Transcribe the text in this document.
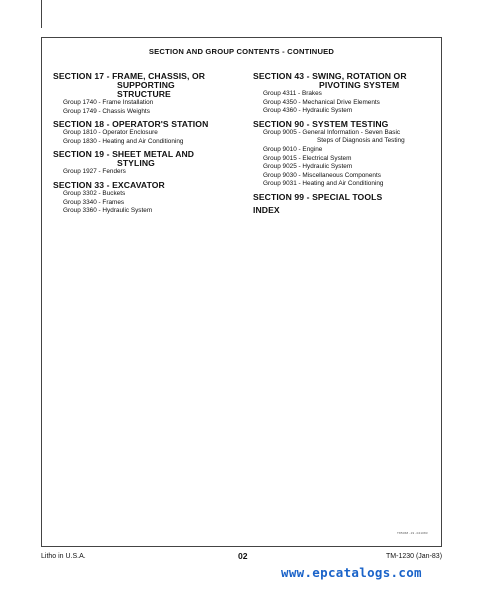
SECTION AND GROUP CONTENTS - CONTINUED
SECTION 17 - FRAME, CHASSIS, OR
SUPPORTING
STRUCTURE
Group 1740 - Frame Installation
Group 1749 - Chassis Weights
SECTION 18 - OPERATOR'S STATION
Group 1810 - Operator Enclosure
Group 1830 - Heating and Air Conditioning
SECTION 19 - SHEET METAL AND
STYLING
Group 1927 - Fenders
SECTION 33 - EXCAVATOR
Group 3302 - Buckets
Group 3340 - Frames
Group 3360 - Hydraulic System
SECTION 43 - SWING, ROTATION OR
PIVOTING SYSTEM
Group 4311 - Brakes
Group 4350 - Mechanical Drive Elements
Group 4360 - Hydraulic System
SECTION 90 - SYSTEM TESTING
Group 9005 - General Information - Seven Basic
Steps of Diagnosis and Testing
Group 9010 - Engine
Group 9015 - Electrical System
Group 9025 - Hydraulic System
Group 9030 - Miscellaneous Components
Group 9031 - Heating and Air Conditioning
SECTION 99 - SPECIAL TOOLS
INDEX
T85068 -19 -041083
Litho in U.S.A.	02	TM-1230 (Jan-83)
www.epcatalogs.com
